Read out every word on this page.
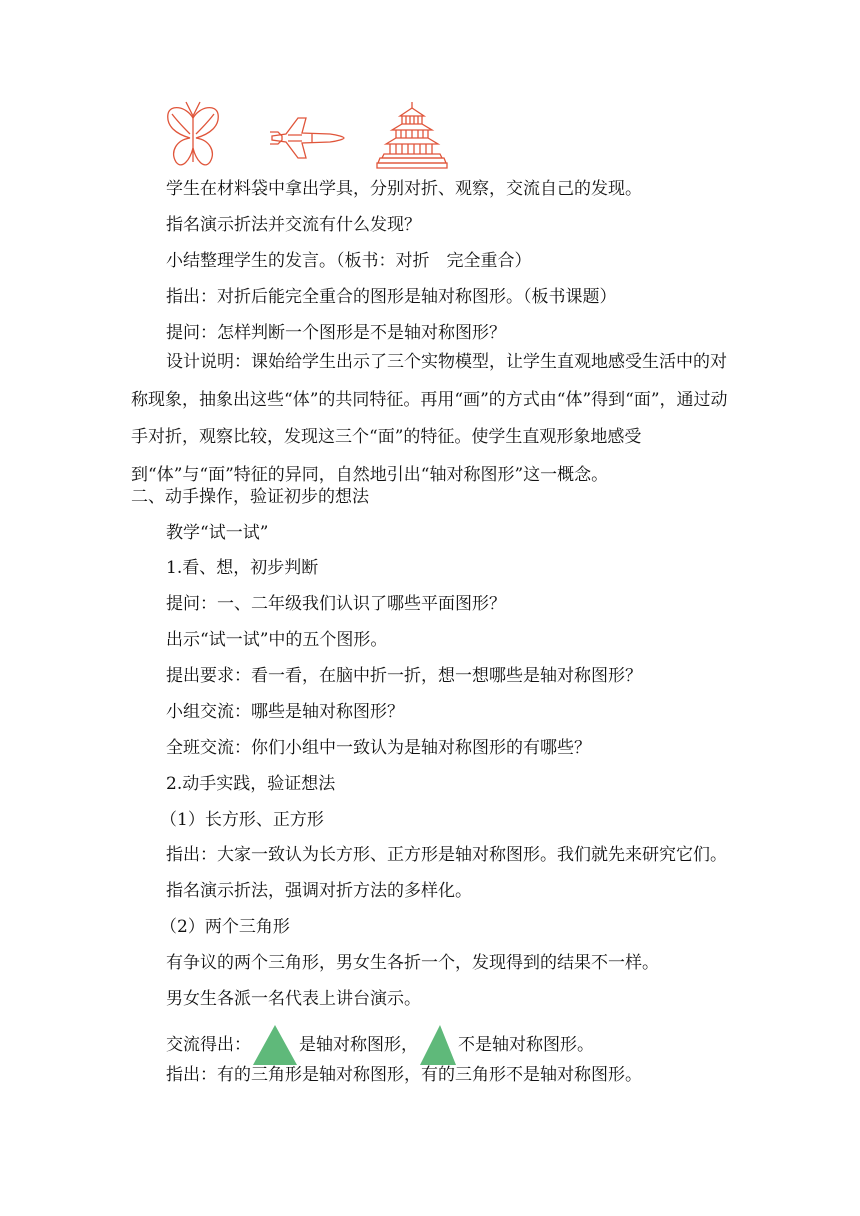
学生在材料袋中拿出学具，分别对折、观察，交流自己的发现。
指名演示折法并交流有什么发现？
小结整理学生的发言。（板书：对折　完全重合）
指出：对折后能完全重合的图形是轴对称图形。（板书课题）
提问：怎样判断一个图形是不是轴对称图形？
设计说明：课始给学生出示了三个实物模型，让学生直观地感受生活中的对称现象，抽象出这些“体”的共同特征。再用“画”的方式由“体”得到“面”，通过动手对折，观察比较，发现这三个“面”的特征。使学生直观形象地感受到“体”与“面”特征的异同，自然地引出“轴对称图形”这一概念。
二、动手操作，验证初步的想法
教学“试一试”
1.看、想，初步判断
提问：一、二年级我们认识了哪些平面图形？
出示“试一试”中的五个图形。
提出要求：看一看，在脑中折一折，想一想哪些是轴对称图形？
小组交流：哪些是轴对称图形？
全班交流：你们小组中一致认为是轴对称图形的有哪些？
2.动手实践，验证想法
（1）长方形、正方形
指出：大家一致认为长方形、正方形是轴对称图形。我们就先来研究它们。
指名演示折法，强调对折方法的多样化。
（2）两个三角形
有争议的两个三角形，男女生各折一个，发现得到的结果不一样。
男女生各派一名代表上讲台演示。
交流得出：	是轴对称图形， 不是轴对称图形。
指出：有的三角形是轴对称图形，有的三角形不是轴对称图形。
